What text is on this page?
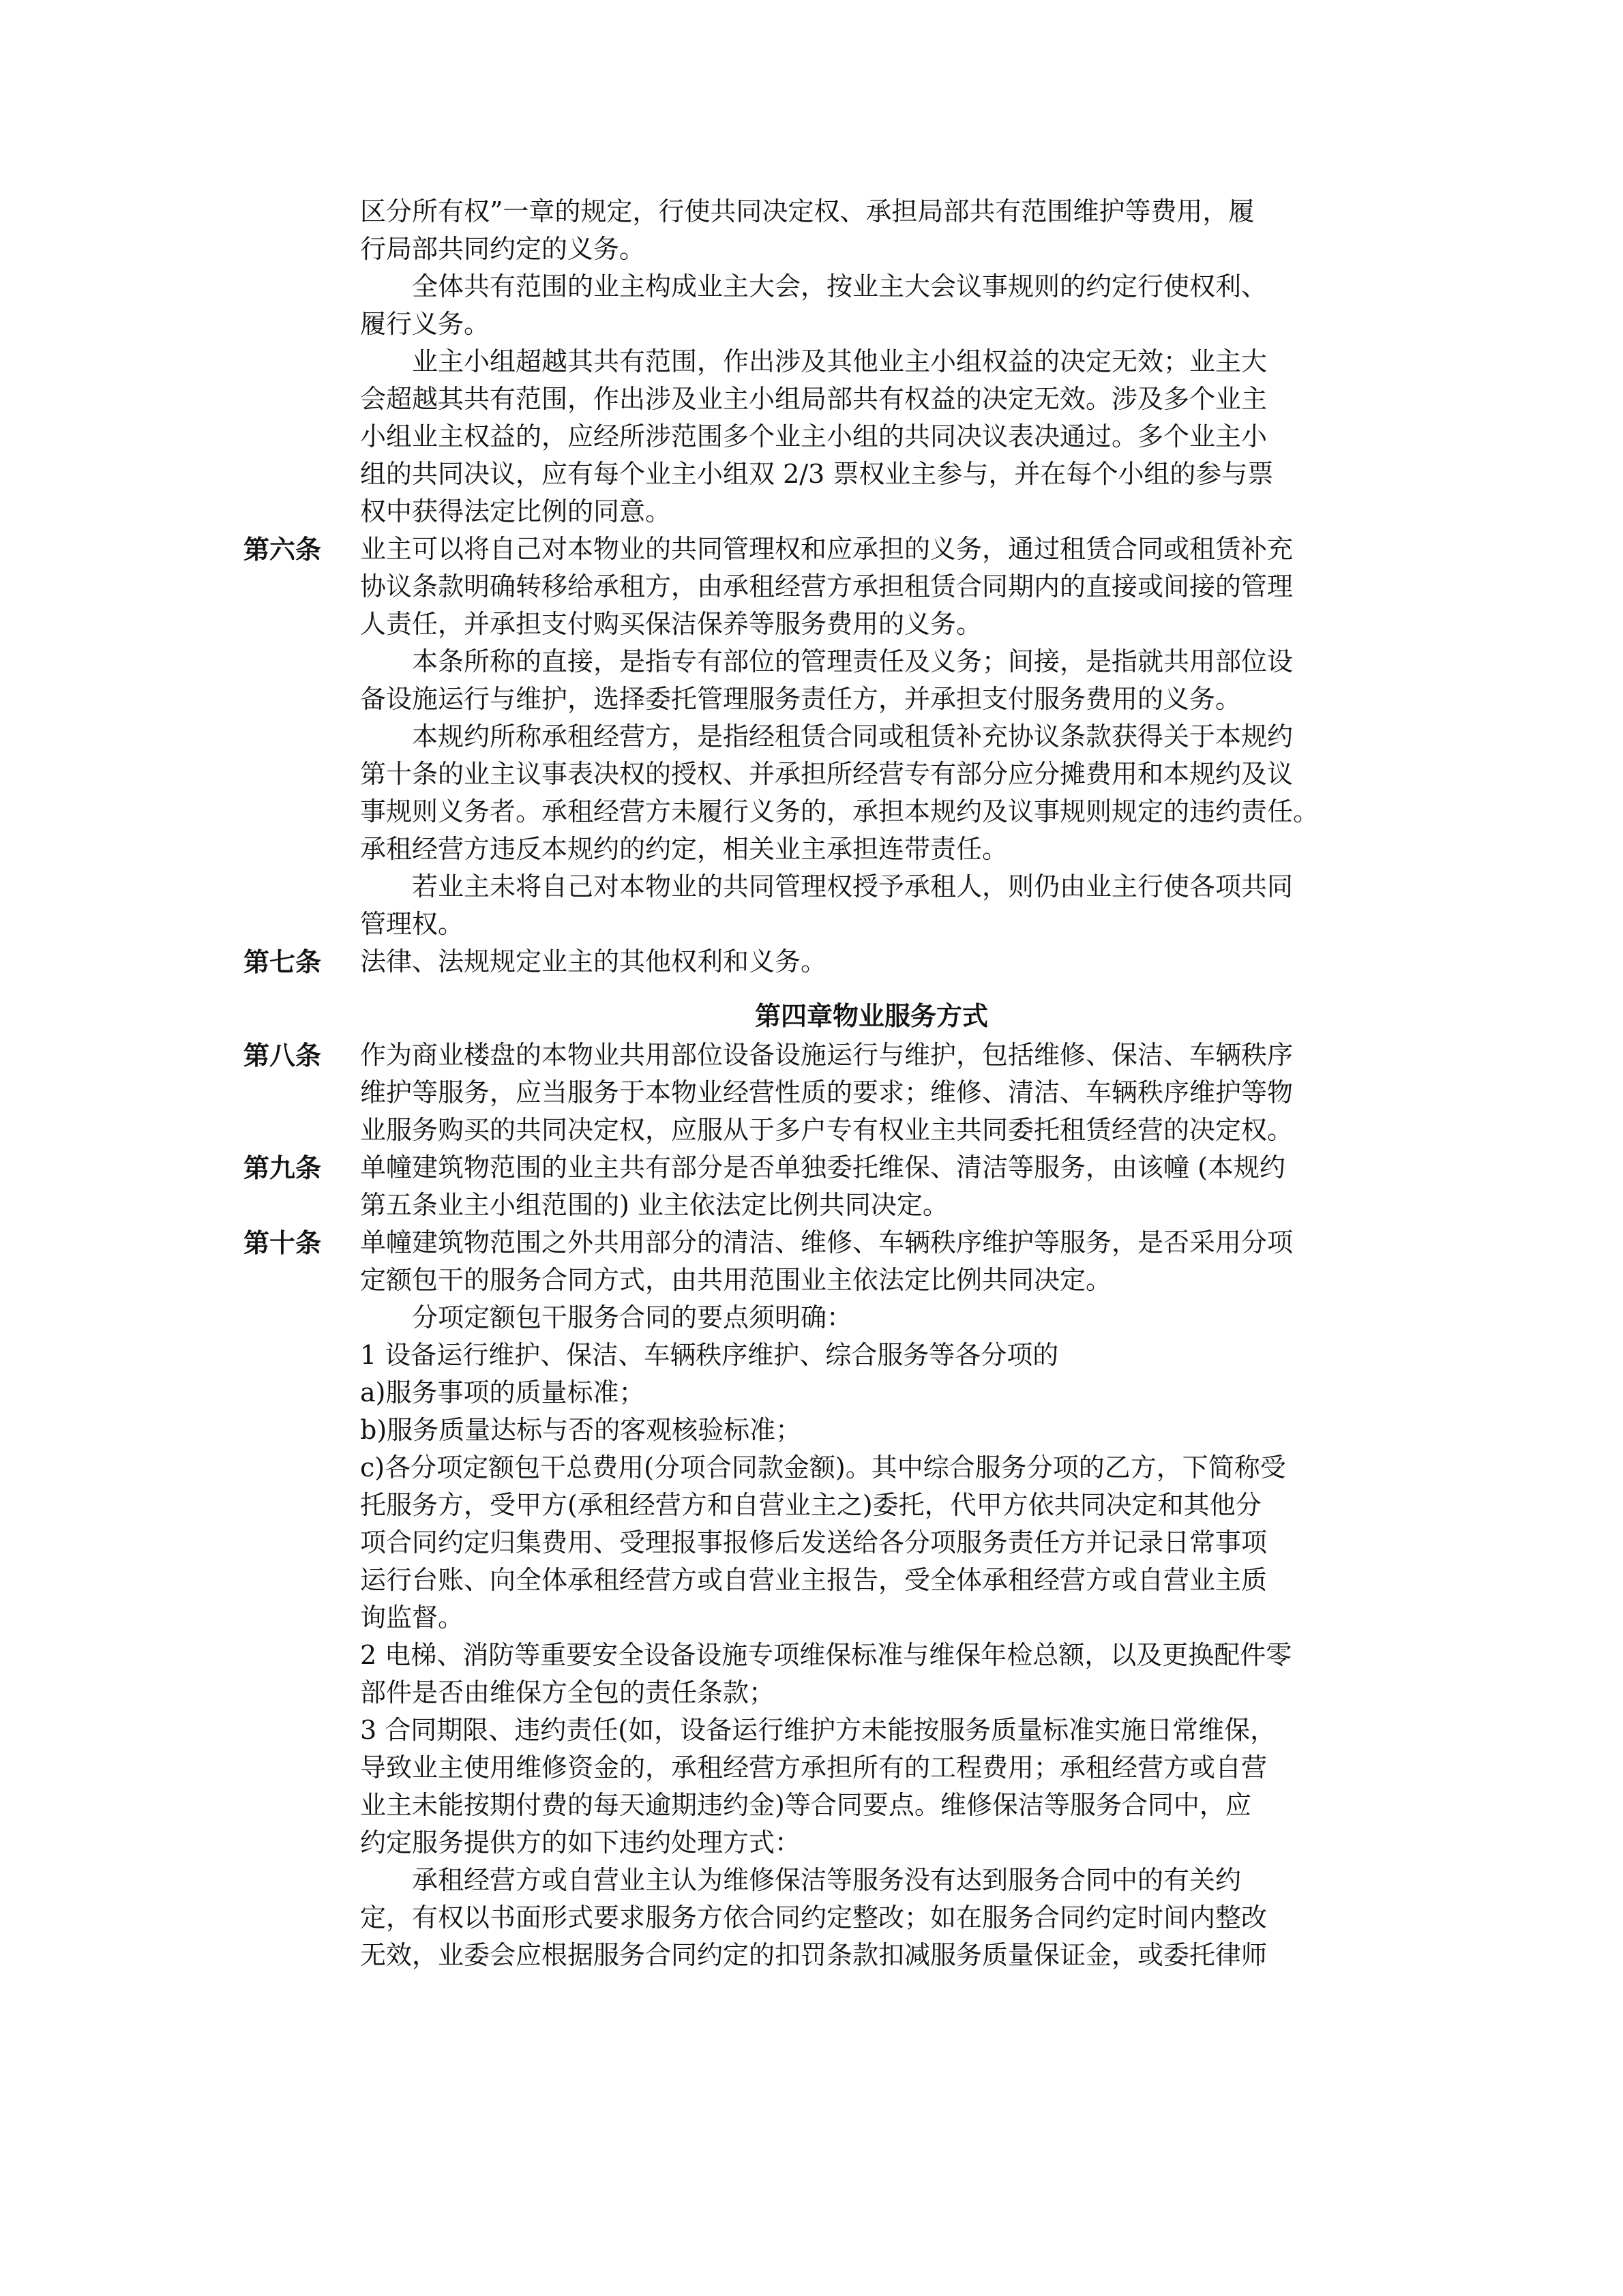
区分所有权”一章的规定，行使共同决定权、承担局部共有范围维护等费用，履
行局部共同约定的义务。

全体共有范围的业主构成业主大会，按业主大会议事规则的约定行使权利、
履行义务。

业主小组超越其共有范围，作出涉及其他业主小组权益的决定无效；业主大
会超越其共有范围，作出涉及业主小组局部共有权益的决定无效。涉及多个业主
小组业主权益的，应经所涉范围多个业主小组的共同决议表决通过。多个业主小
组的共同决议，应有每个业主小组双 2/3 票权业主参与，并在每个小组的参与票
权中获得法定比例的同意。

第六条 业主可以将自己对本物业的共同管理权和应承担的义务，通过租赁合同或租赁补充
协议条款明确转移给承租方，由承租经营方承担租赁合同期内的直接或间接的管理
人责任，并承担支付购买保洁保养等服务费用的义务。

本条所称的直接，是指专有部位的管理责任及义务；间接，是指就共用部位设
备设施运行与维护，选择委托管理服务责任方，并承担支付服务费用的义务。

本规约所称承租经营方，是指经租赁合同或租赁补充协议条款获得关于本规约
第十条的业主议事表决权的授权、并承担所经营专有部分应分摊费用和本规约及议
事规则义务者。承租经营方未履行义务的，承担本规约及议事规则规定的违约责任。
承租经营方违反本规约的约定，相关业主承担连带责任。

若业主未将自己对本物业的共同管理权授予承租人，则仍由业主行使各项共同
管理权。

第七条 法律、法规规定业主的其他权利和义务。

第四章物业服务方式
第八条 作为商业楼盘的本物业共用部位设备设施运行与维护，包括维修、保洁、车辆秩序
维护等服务，应当服务于本物业经营性质的要求；维修、清洁、车辆秩序维护等物
业服务购买的共同决定权，应服从于多户专有权业主共同委托租赁经营的决定权。

第九条 单幢建筑物范围的业主共有部分是否单独委托维保、清洁等服务，由该幢 (本规约
第五条业主小组范围的) 业主依法定比例共同决定。

第十条 单幢建筑物范围之外共用部分的清洁、维修、车辆秩序维护等服务，是否采用分项
定额包干的服务合同方式，由共用范围业主依法定比例共同决定。

分项定额包干服务合同的要点须明确：

1 设备运行维护、保洁、车辆秩序维护、综合服务等各分项的

a)服务事项的质量标准；

b)服务质量达标与否的客观核验标准；

c)各分项定额包干总费用(分项合同款金额)。其中综合服务分项的乙方，下简称受
托服务方，受甲方(承租经营方和自营业主之)委托，代甲方依共同决定和其他分
项合同约定归集费用、受理报事报修后发送给各分项服务责任方并记录日常事项
运行台账、向全体承租经营方或自营业主报告，受全体承租经营方或自营业主质
询监督。

2 电梯、消防等重要安全设备设施专项维保标准与维保年检总额，以及更换配件零
部件是否由维保方全包的责任条款；

3 合同期限、违约责任(如，设备运行维护方未能按服务质量标准实施日常维保，
导致业主使用维修资金的，承租经营方承担所有的工程费用；承租经营方或自营
业主未能按期付费的每天逾期违约金)等合同要点。维修保洁等服务合同中，应
约定服务提供方的如下违约处理方式：

承租经营方或自营业主认为维修保洁等服务没有达到服务合同中的有关约
定，有权以书面形式要求服务方依合同约定整改；如在服务合同约定时间内整改
无效，业委会应根据服务合同约定的扣罚条款扣减服务质量保证金，或委托律师
